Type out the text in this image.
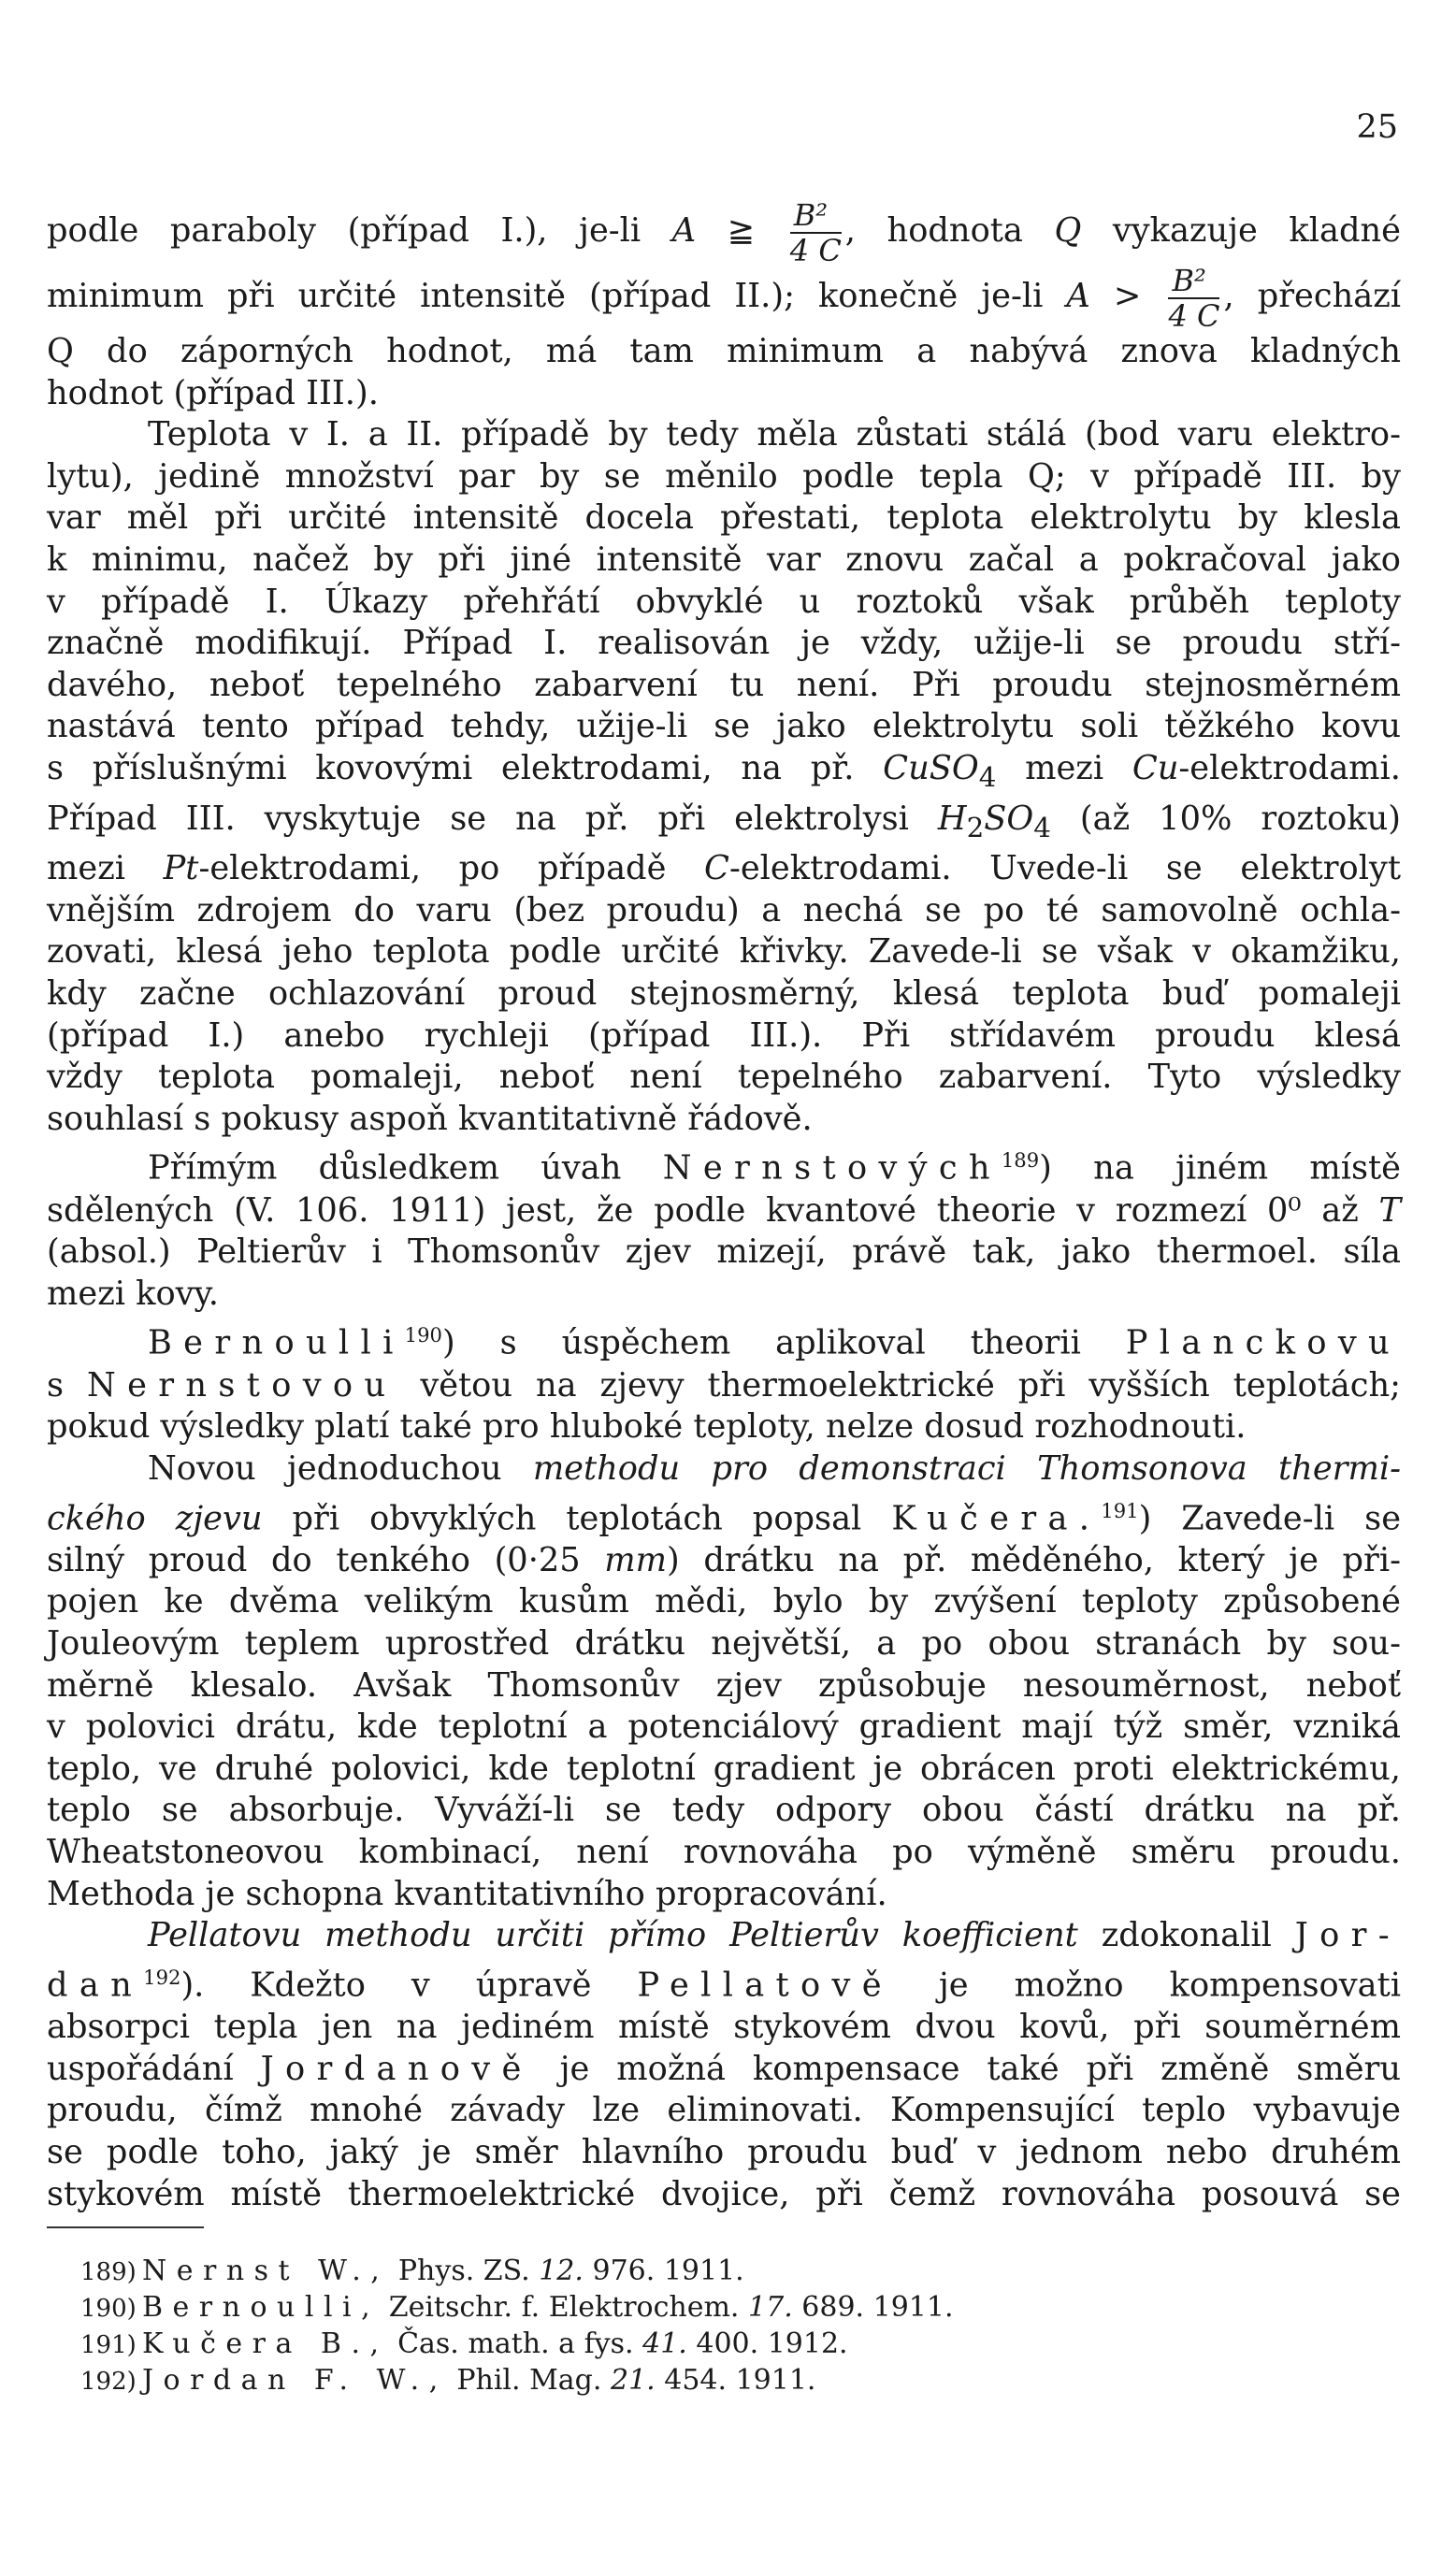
25
podle paraboly (případ I.), je-li A ≧ $\frac{\text{B²}}{4 C}$ , hodnota Q vykazuje kladné
minimum při určité intensitě (případ II.); konečně je-li $A > \frac{\text{B²}}{4 C}$ , přechází
Q do záporných hodnot, má tam minimum a nabývá znova kladných
hodnot (případ III.).
Teplota v I. a II. případě by tedy měla zůstati stálá (bod varu elektro-
lytu), jedině množství par by se měnilo podle tepla Q; v případě III. by
var měl při určité intensitě docela přestati, teplota elektrolytu by klesla
k minimu, načež by při jiné intensitě var znovu začal a pokračoval jako
v případě I. Úkazy přehřátí obvyklé u roztoků však průběh teploty
značně modifikují. Případ I. realisován je vždy, užije-li se proudu stří-
davého, neboť tepelného zabarvení tu není. Při proudu stejnosměrném
nastává tento případ tehdy, užije-li se jako elektrolytu soli těžkého kovu
s příslušnými kovovými elektrodami, na př. CuSO$_4$ mezi Cu-elektrodami.
Případ III. vyskytuje se na př. při elektrolysi $H_2SO_4$ (až 10% roztoku)
mezi Pt-elektrodami, po případě C-elektrodami. Uvede-li se elektrolyt
vnějším zdrojem do varu (bez proudu) a nechá se po té samovolně ochla-
zovati, klesá jeho teplota podle určité křivky. Zavede-li se však v okamžiku,
kdy začne ochlazování proud stejnosměrný, klesá teplota buď pomaleji
(případ I.) anebo rychleji (případ III.). Při střídavém proudu klesá
vždy teplota pomaleji, neboť není tepelného zabarvení. Tyto výsledky
souhlasí s pokusy aspoň kvantitativně řádově.
Přímým důsledkem úvah Nernstových$^{189}$) na jiném místě
sdělených (V. 106. 1911) jest, že podle kvantové theorie v rozmezí 0⁰ až T
(absol.) Peltierův i Thomsonův zjev mizejí, právě tak, jako thermoel. síla
mezi kovy.
Bernoulli$^{190}$) s úspěchem aplikoval theorii Planckovu
s Nernstovou větou na zjevy thermoelektrické při vyšších teplotách;
pokud výsledky platí také pro hluboké teploty, nelze dosud rozhodnouti.
Novou jednoduchou methodu pro demonstraci Thomsonova thermi-
ckého zjevu při obvyklých teplotách popsal Kučera.$^{191}$) Zavede-li se
silný proud do tenkého (0·25 mm) drátku na př. měděného, který je při-
pojen ke dvěma velikým kusům mědi, bylo by zvýšení teploty způsobené
Jouleovým teplem uprostřed drátku největší, a po obou stranách by sou-
měrně klesalo. Avšak Thomsonův zjev způsobuje nesouměrnost, neboť
v polovici drátu, kde teplotní a potenciálový gradient mají týž směr, vzniká
teplo, ve druhé polovici, kde teplotní gradient je obrácen proti elektrickému,
teplo se absorbuje. Vyváží-li se tedy odpory obou částí drátku na př.
Wheatstoneovou kombinací, není rovnováha po výměně směru proudu.
Methoda je schopna kvantitativního propracování.
Pellatovu methodu určiti přímo Peltierův koefficient zdokonalil Jor-
dan$^{192}$). Kdežto v úpravě Pellatově je možno kompensovati
absorpci tepla jen na jediném místě stykovém dvou kovů, při souměrném
uspořádání Jordanově je možná kompensace také při změně směru
proudu, čímž mnohé závady lze eliminovati. Kompensující teplo vybavuje
se podle toho, jaký je směr hlavního proudu buď v jednom nebo druhém
stykovém místě thermoelektrické dvojice, při čemž rovnováha posouvá se
189) Nernst W., Phys. ZS. 12. 976. 1911.
190) Bernoulli, Zeitschr. f. Elektrochem. 17. 689. 1911.
191) Kučera B., Čas. math. a fys. 41. 400. 1912.
192) Jordan F. W., Phil. Mag. 21. 454. 1911.
